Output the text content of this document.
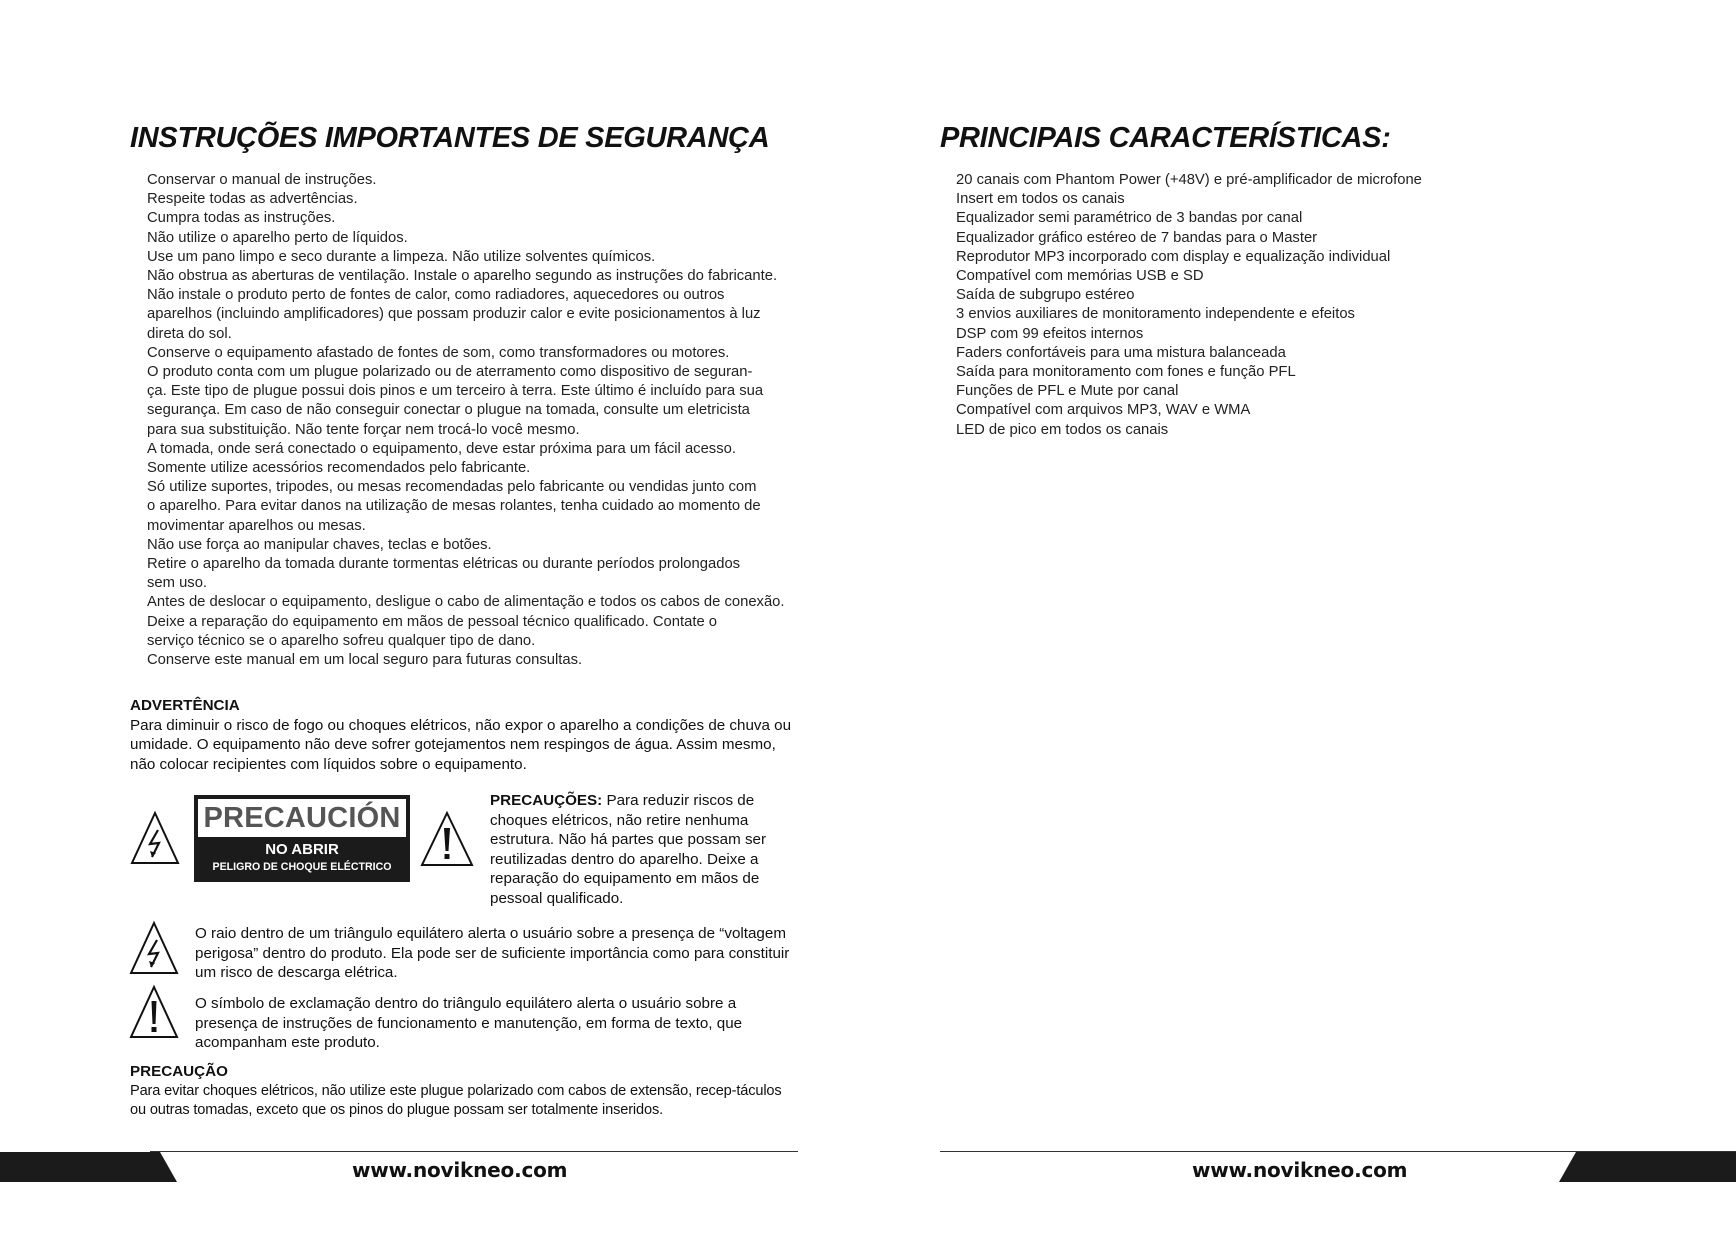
INSTRUÇÕES IMPORTANTES DE SEGURANÇA
Conservar o manual de instruções.
Respeite todas as advertências.
Cumpra todas as instruções.
Não utilize o aparelho perto de líquidos.
Use um pano limpo e seco durante a limpeza. Não utilize solventes químicos.
Não obstrua as aberturas de ventilação. Instale o aparelho segundo as instruções do fabricante.
Não instale o produto perto de fontes de calor, como radiadores, aquecedores ou outros
aparelhos (incluindo amplificadores) que possam produzir calor e evite posicionamentos à luz
direta do sol.
Conserve o equipamento afastado de fontes de som, como transformadores ou motores.
O produto conta com um plugue polarizado ou de aterramento como dispositivo de seguran-
ça. Este tipo de plugue possui dois pinos e um terceiro à terra. Este último é incluído para sua
segurança. Em caso de não conseguir conectar o plugue na tomada, consulte um eletricista
para sua substituição. Não tente forçar nem trocá-lo você mesmo.
A tomada, onde será conectado o equipamento, deve estar próxima para um fácil acesso.
Somente utilize acessórios recomendados pelo fabricante.
Só utilize suportes, tripodes, ou mesas recomendadas pelo fabricante ou vendidas junto com
o aparelho. Para evitar danos na utilização de mesas rolantes, tenha cuidado ao momento de
movimentar aparelhos ou mesas.
Não use força ao manipular chaves, teclas e botões.
Retire o aparelho da tomada durante tormentas elétricas ou durante períodos prolongados
sem uso.
Antes de deslocar o equipamento, desligue o cabo de alimentação e todos os cabos de conexão.
Deixe a reparação do equipamento em mãos de pessoal técnico qualificado. Contate o
serviço técnico se o aparelho sofreu qualquer tipo de dano.
Conserve este manual em um local seguro para futuras consultas.
ADVERTÊNCIA
Para diminuir o risco de fogo ou choques elétricos, não expor o aparelho a condições de chuva ou umidade. O equipamento não deve sofrer gotejamentos nem respingos de água. Assim mesmo, não colocar recipientes com líquidos sobre o equipamento.
PRECAUCIÓN
NO ABRIR
PELIGRO DE CHOQUE ELÉCTRICO
PRECAUÇÕES: Para reduzir riscos de choques elétricos, não retire nenhuma estrutura. Não há partes que possam ser reutilizadas dentro do aparelho. Deixe a reparação do equipamento em mãos de pessoal qualificado.
O raio dentro de um triângulo equilátero alerta o usuário sobre a presença de “voltagem perigosa” dentro do produto. Ela pode ser de suficiente importância como para constituir um risco de descarga elétrica.
O símbolo de exclamação dentro do triângulo equilátero alerta o usuário sobre a presença de instruções de funcionamento e manutenção, em forma de texto, que acompanham este produto.
PRECAUÇÃO
Para evitar choques elétricos, não utilize este plugue polarizado com cabos de extensão, recep-táculos ou outras tomadas, exceto que os pinos do plugue possam ser totalmente inseridos.
www.novikneo.com
PRINCIPAIS CARACTERÍSTICAS:
20 canais com Phantom Power (+48V) e pré-amplificador de microfone
Insert em todos os canais
Equalizador semi paramétrico de 3 bandas por canal
Equalizador gráfico estéreo de 7 bandas para o Master
Reprodutor MP3 incorporado com display e equalização individual
Compatível com memórias USB e SD
Saída de subgrupo estéreo
3 envios auxiliares de monitoramento independente e efeitos
DSP com 99 efeitos internos
Faders confortáveis para uma mistura balanceada
Saída para monitoramento com fones e função PFL
Funções de PFL e Mute por canal
Compatível com arquivos MP3, WAV e WMA
LED de pico em todos os canais
www.novikneo.com
